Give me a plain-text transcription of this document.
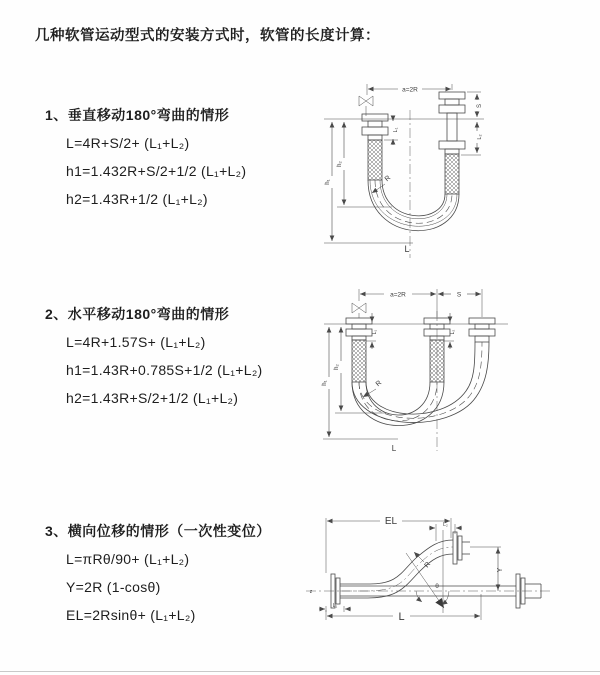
几种软管运动型式的安装方式时，软管的长度计算：
1、垂直移动180°弯曲的情形
L=4R+S/2+ (L₁+L₂)
h1=1.432R+S/2+1/2 (L₁+L₂)
h2=1.43R+1/2 (L₁+L₂)
2、水平移动180°弯曲的情形
L=4R+1.57S+ (L₁+L₂)
h1=1.43R+0.785S+1/2 (L₁+L₂)
h2=1.43R+S/2+1/2 (L₁+L₂)
3、横向位移的情形（一次性变位）
L=πRθ/90+ (L₁+L₂)
Y=2R (1-cosθ)
EL=2Rsinθ+ (L₁+L₂)
a=2R
h₁
h₂
S
L₂
L₁
R
L
a=2R	S
h₁
h₂
L₁	L₂
R
L
EL	L₂
Y
R
θ
L
L₁
z
